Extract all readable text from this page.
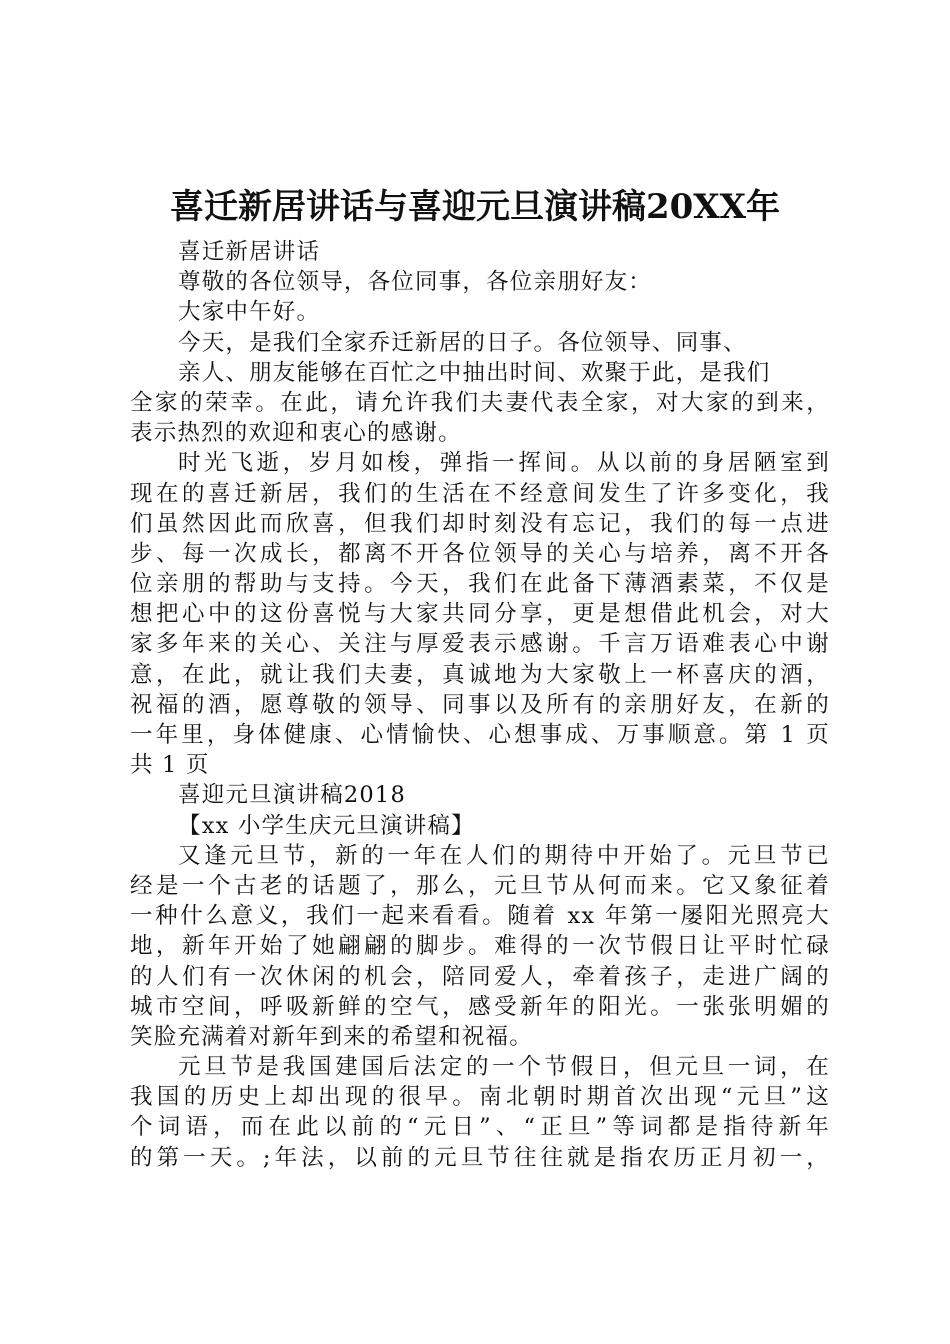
喜迁新居讲话与喜迎元旦演讲稿20XX年
喜迁新居讲话
尊敬的各位领导，各位同事，各位亲朋好友：
大家中午好。
今天，是我们全家乔迁新居的日子。各位领导、同事、
亲人、朋友能够在百忙之中抽出时间、欢聚于此，是我们
全家的荣幸。在此，请允许我们夫妻代表全家，对大家的到来，
表示热烈的欢迎和衷心的感谢。
时光飞逝，岁月如梭，弹指一挥间。从以前的身居陋室到
现在的喜迁新居，我们的生活在不经意间发生了许多变化，我
们虽然因此而欣喜，但我们却时刻没有忘记，我们的每一点进
步、每一次成长，都离不开各位领导的关心与培养，离不开各
位亲朋的帮助与支持。今天，我们在此备下薄酒素菜，不仅是
想把心中的这份喜悦与大家共同分享，更是想借此机会，对大
家多年来的关心、关注与厚爱表示感谢。千言万语难表心中谢
意，在此，就让我们夫妻，真诚地为大家敬上一杯喜庆的酒，
祝福的酒，愿尊敬的领导、同事以及所有的亲朋好友，在新的
一年里，身体健康、心情愉快、心想事成、万事顺意。第 1 页
共 1 页
喜迎元旦演讲稿2018
【xx 小学生庆元旦演讲稿】
又逢元旦节，新的一年在人们的期待中开始了。元旦节已
经是一个古老的话题了，那么，元旦节从何而来。它又象征着
一种什么意义，我们一起来看看。随着 xx 年第一屡阳光照亮大
地，新年开始了她翩翩的脚步。难得的一次节假日让平时忙碌
的人们有一次休闲的机会，陪同爱人，牵着孩子，走进广阔的
城市空间，呼吸新鲜的空气，感受新年的阳光。一张张明媚的
笑脸充满着对新年到来的希望和祝福。
元旦节是我国建国后法定的一个节假日，但元旦一词，在
我国的历史上却出现的很早。南北朝时期首次出现“元旦”这
个词语，而在此以前的“元日”、“正旦”等词都是指待新年
的第一天。;年法，以前的元旦节往往就是指农历正月初一，
